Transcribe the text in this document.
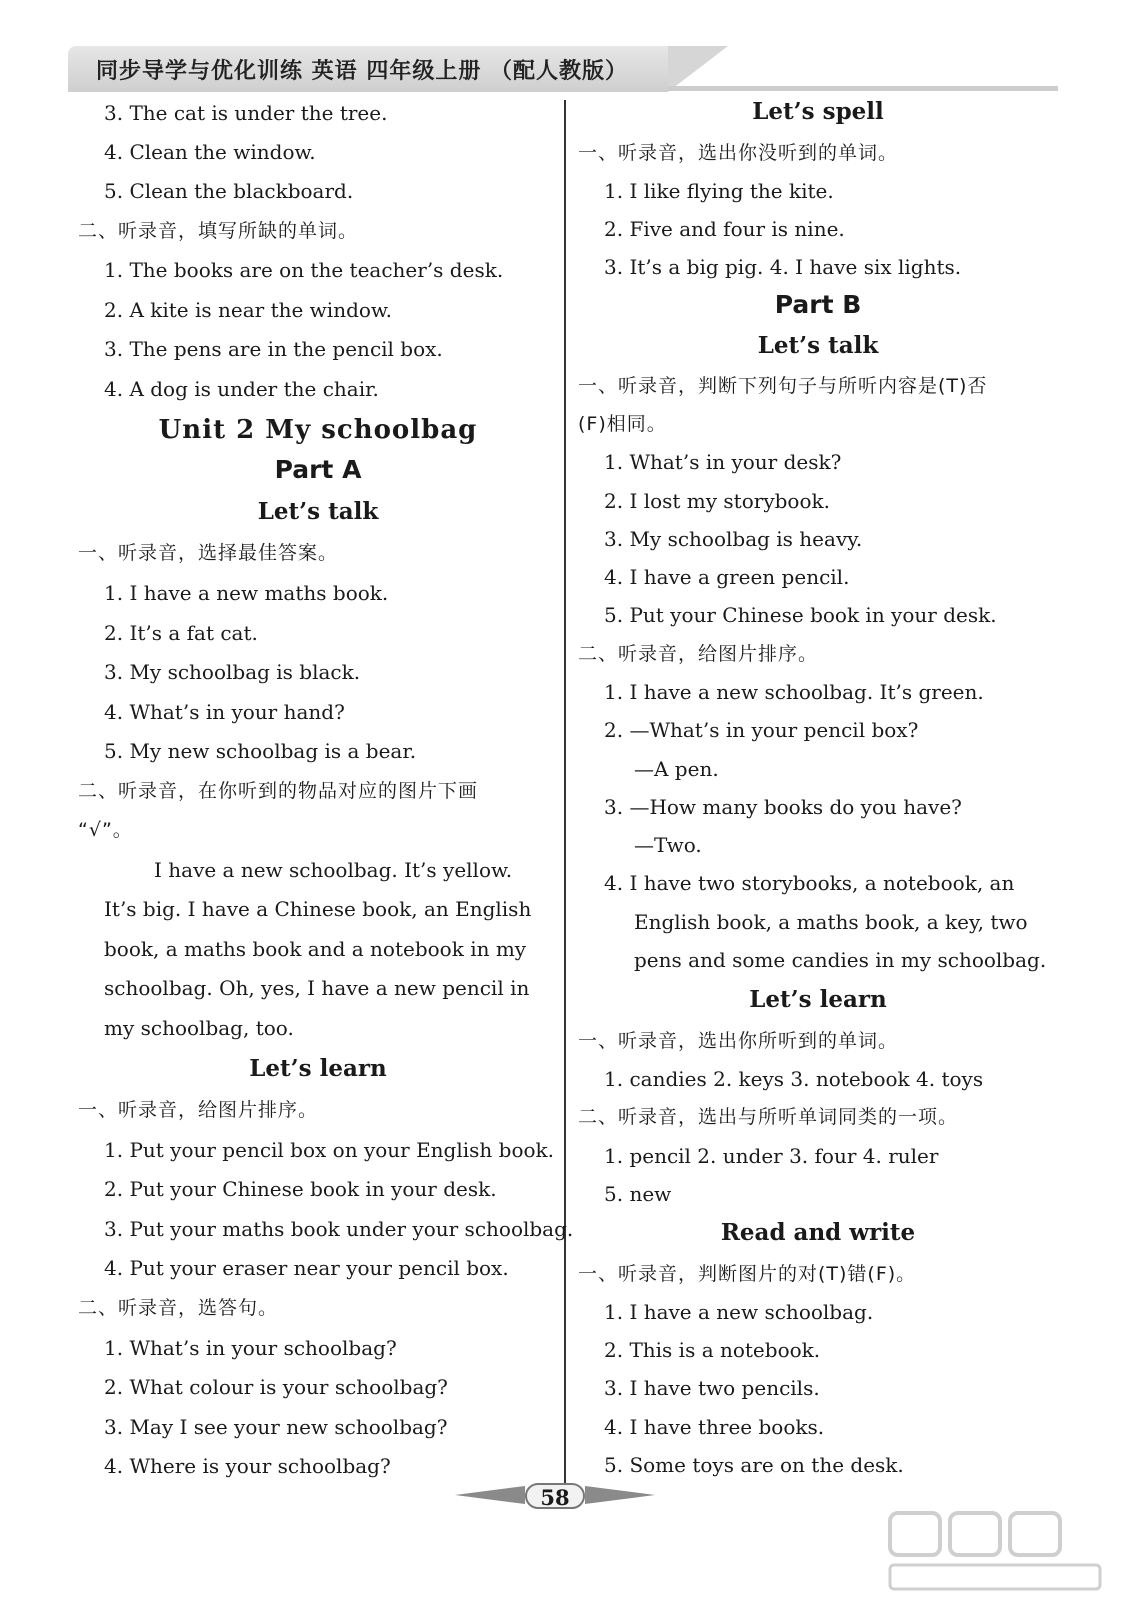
同步导学与优化训练 英语 四年级上册 （配人教版）
3. The cat is under the tree.
4. Clean the window.
5. Clean the blackboard.
二、听录音，填写所缺的单词。
1. The books are on the teacher’s desk.
2. A kite is near the window.
3. The pens are in the pencil box.
4. A dog is under the chair.
Unit 2 My schoolbag
Part A
Let’s talk
一、听录音，选择最佳答案。
1. I have a new maths book.
2. It’s a fat cat.
3. My schoolbag is black.
4. What’s in your hand?
5. My new schoolbag is a bear.
二、听录音，在你听到的物品对应的图片下画
“√”。
I have a new schoolbag. It’s yellow.
It’s big. I have a Chinese book, an English
book, a maths book and a notebook in my
schoolbag. Oh, yes, I have a new pencil in
my schoolbag, too.
Let’s learn
一、听录音，给图片排序。
1. Put your pencil box on your English book.
2. Put your Chinese book in your desk.
3. Put your maths book under your schoolbag.
4. Put your eraser near your pencil box.
二、听录音，选答句。
1. What’s in your schoolbag?
2. What colour is your schoolbag?
3. May I see your new schoolbag?
4. Where is your schoolbag?
Let’s spell
一、听录音，选出你没听到的单词。
1. I like flying the kite.
2. Five and four is nine.
3. It’s a big pig. 4. I have six lights.
Part B
Let’s talk
一、听录音，判断下列句子与所听内容是(T)否
(F)相同。
1. What’s in your desk?
2. I lost my storybook.
3. My schoolbag is heavy.
4. I have a green pencil.
5. Put your Chinese book in your desk.
二、听录音，给图片排序。
1. I have a new schoolbag. It’s green.
2. —What’s in your pencil box?
—A pen.
3. —How many books do you have?
—Two.
4. I have two storybooks, a notebook, an
English book, a maths book, a key, two
pens and some candies in my schoolbag.
Let’s learn
一、听录音，选出你所听到的单词。
1. candies 2. keys 3. notebook 4. toys
二、听录音，选出与所听单词同类的一项。
1. pencil 2. under 3. four 4. ruler
5. new
Read and write
一、听录音，判断图片的对(T)错(F)。
1. I have a new schoolbag.
2. This is a notebook.
3. I have two pencils.
4. I have three books.
5. Some toys are on the desk.
58
